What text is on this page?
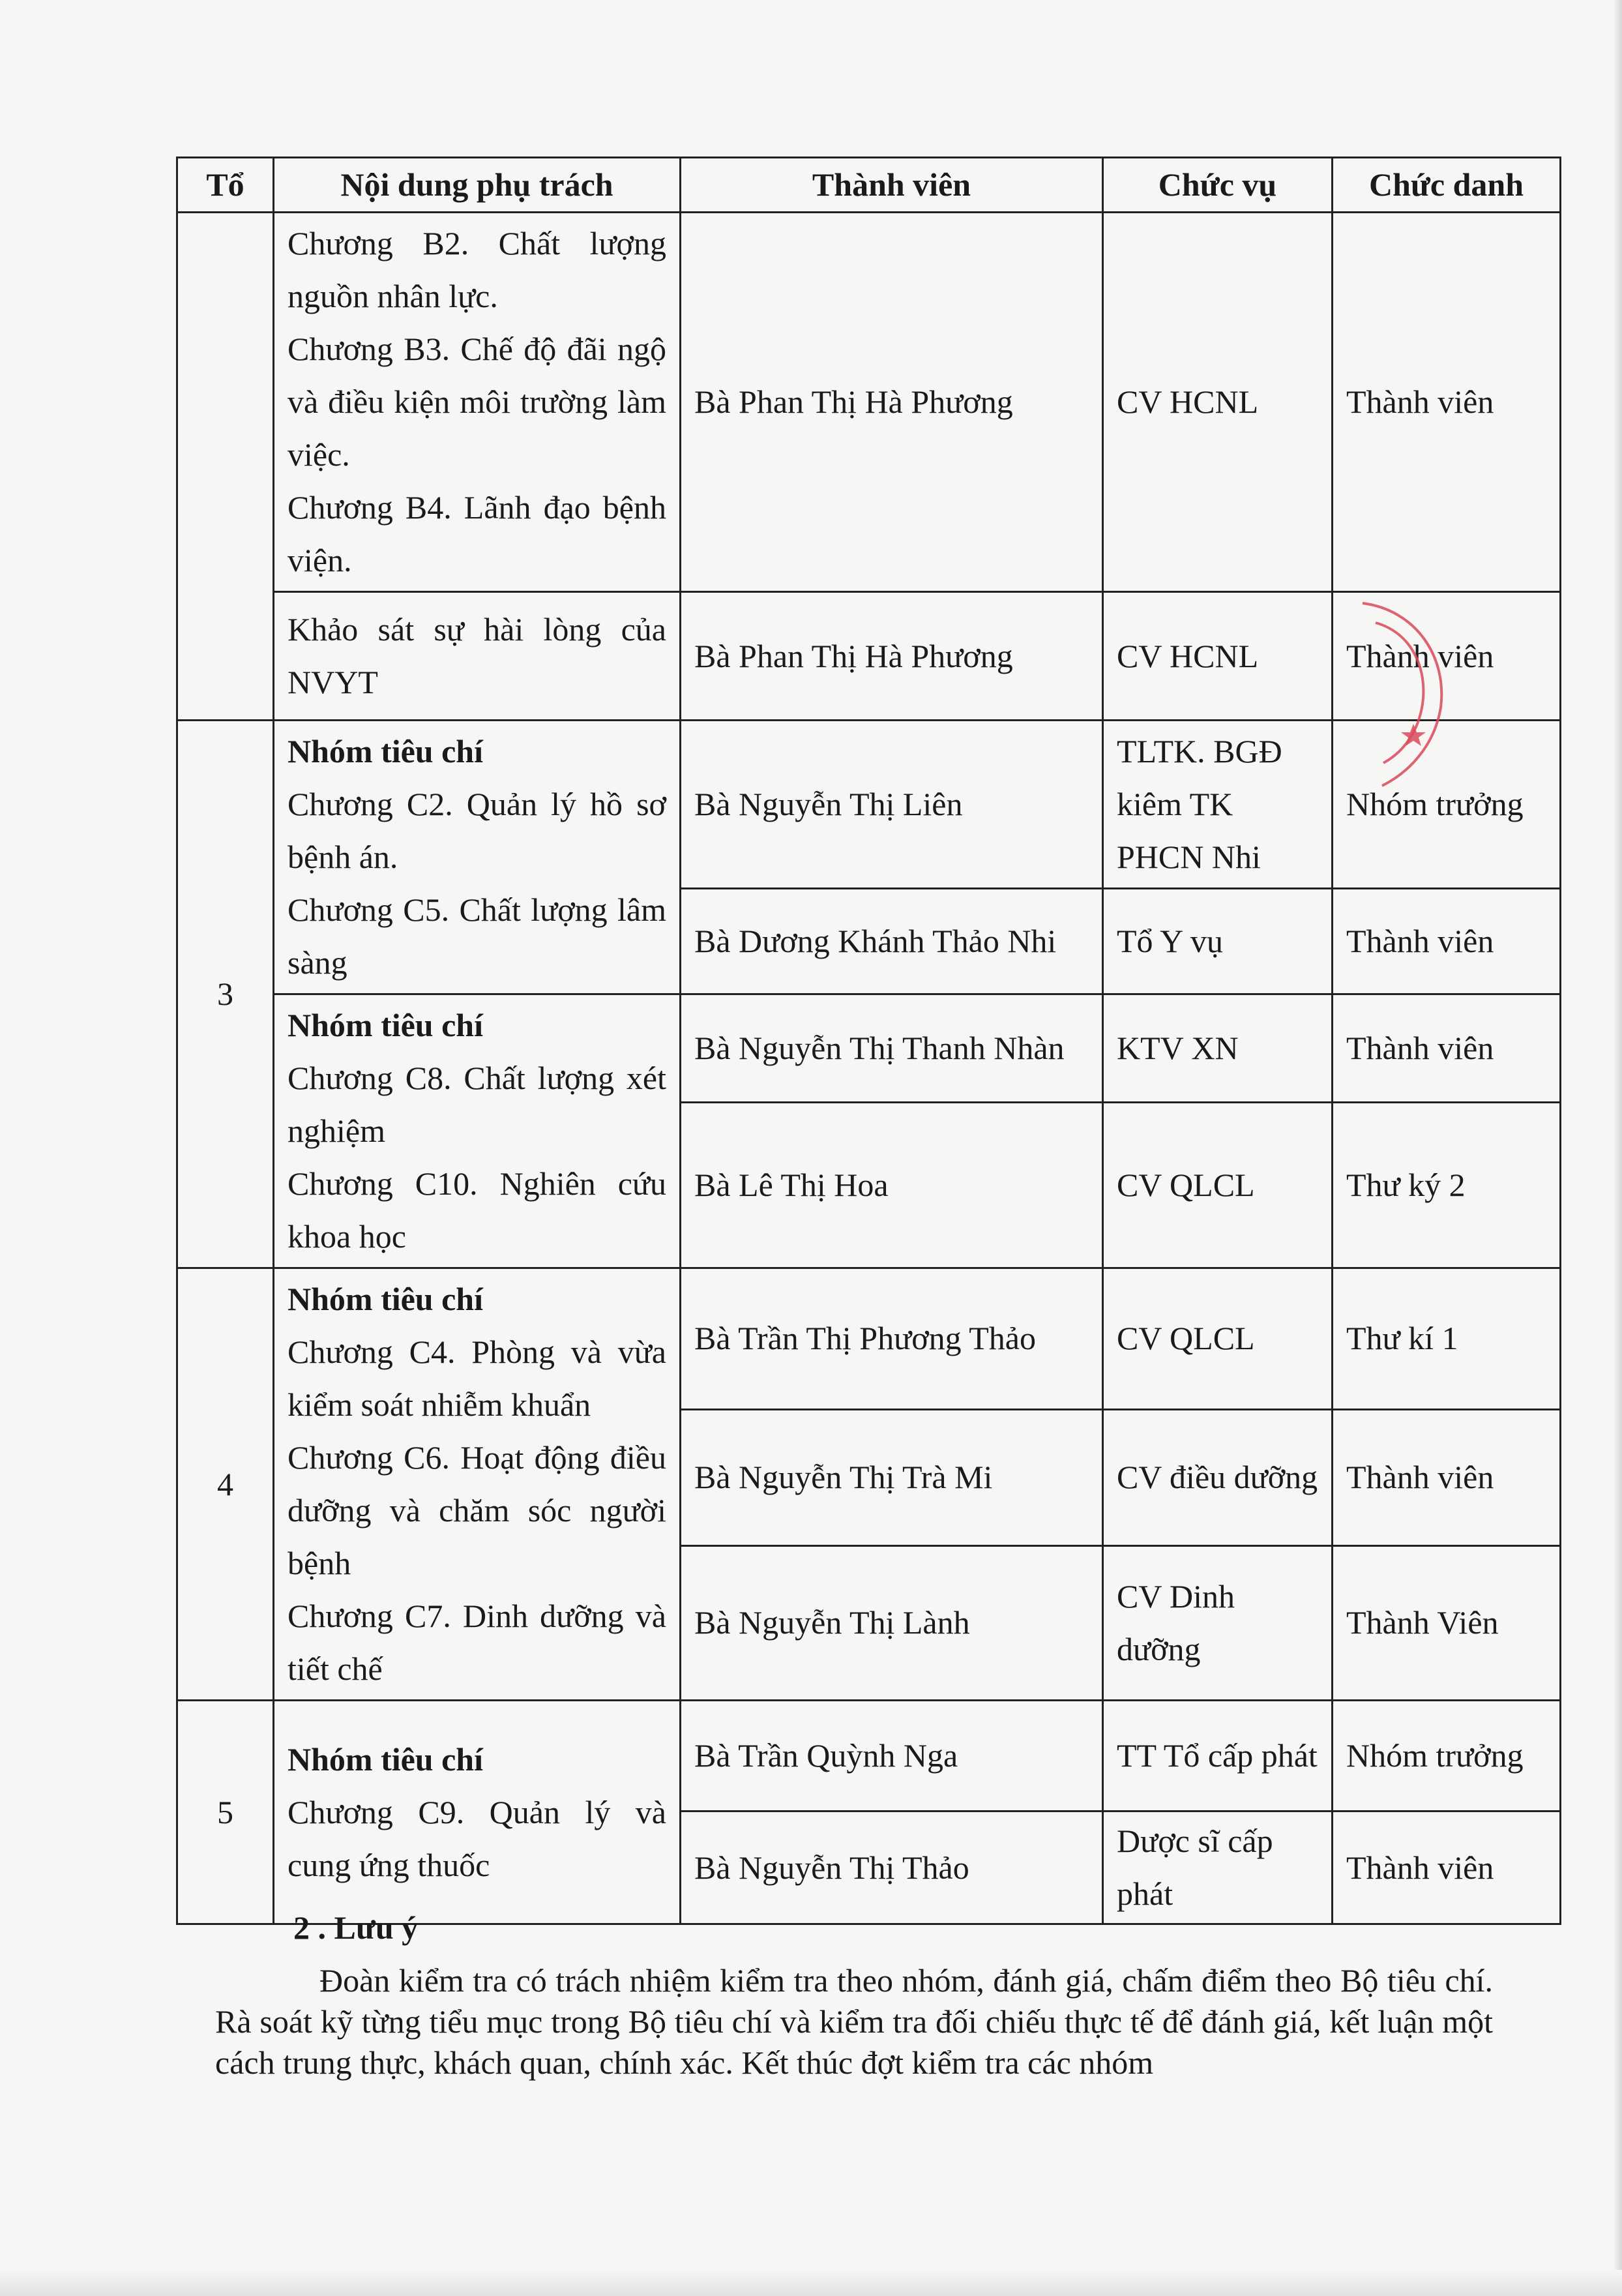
Tổ	Nội dung phụ trách	Thành viên	Chức vụ	Chức danh

	Chương B2. Chất lượng nguồn nhân lực.
Chương B3. Chế độ đãi ngộ và điều kiện môi trường làm việc.
Chương B4. Lãnh đạo bệnh viện.	Bà Phan Thị Hà Phương	CV HCNL	Thành viên

	Khảo sát sự hài lòng của NVYT	Bà Phan Thị Hà Phương	CV HCNL	Thành viên
3	Nhóm tiêu chí
Chương C2. Quản lý hồ sơ bệnh án.
Chương C5. Chất lượng lâm sàng	Bà Nguyễn Thị Liên	TLTK. BGĐ kiêm TK PHCN Nhi	Nhóm trưởng
		Bà Dương Khánh Thảo Nhi	Tổ Y vụ	Thành viên

	Nhóm tiêu chí
Chương C8. Chất lượng xét nghiệm
Chương C10. Nghiên cứu khoa học	Bà Nguyễn Thị Thanh Nhàn	KTV XN	Thành viên
		Bà Lê Thị Hoa	CV QLCL	Thư ký 2
4	Nhóm tiêu chí
Chương C4. Phòng và vừa kiểm soát nhiễm khuẩn
Chương C6. Hoạt động điều dưỡng và chăm sóc người bệnh
Chương C7. Dinh dưỡng và tiết chế	Bà Trần Thị Phương Thảo	CV QLCL	Thư kí 1
		Bà Nguyễn Thị Trà Mi	CV điều dưỡng	Thành viên
		Bà Nguyễn Thị Lành	CV Dinh dưỡng	Thành Viên
5	Nhóm tiêu chí
Chương C9. Quản lý và cung ứng thuốc	Bà Trần Quỳnh Nga	TT Tổ cấp phát	Nhóm trưởng
		Bà Nguyễn Thị Thảo	Dược sĩ cấp phát	Thành viên
2 . Lưu ý
Đoàn kiểm tra có trách nhiệm kiểm tra theo nhóm, đánh giá, chấm điểm theo Bộ tiêu chí. Rà soát kỹ từng tiểu mục trong Bộ tiêu chí và kiểm tra đối chiếu thực tế để đánh giá, kết luận một cách trung thực, khách quan, chính xác. Kết thúc đợt kiểm tra các nhóm
